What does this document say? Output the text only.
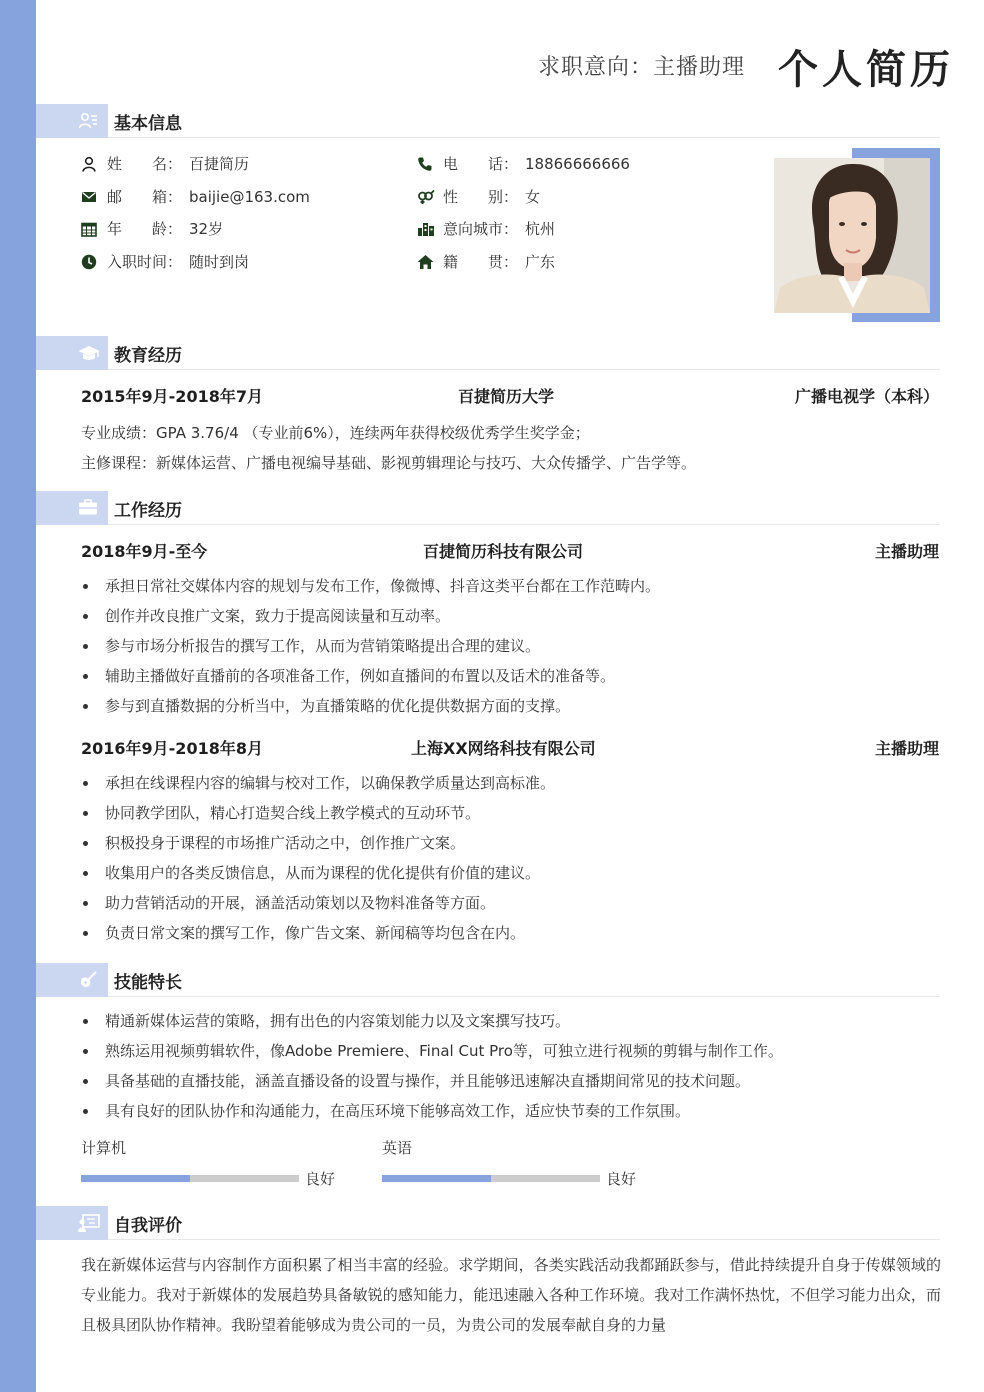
求职意向：主播助理 个人简历
基本信息
姓　　名： 百捷简历	电　　话： 18866666666
邮　　箱： baijie@163.com	性　　别： 女
年　　龄： 32岁	意向城市： 杭州
入职时间： 随时到岗	籍　　贯： 广东
教育经历
2015年9月-2018年7月	百捷简历大学	广播电视学（本科）
专业成绩：GPA 3.76/4 （专业前6%），连续两年获得校级优秀学生奖学金；
主修课程：新媒体运营、广播电视编导基础、影视剪辑理论与技巧、大众传播学、广告学等。
工作经历
2018年9月-至今	百捷简历科技有限公司	主播助理
承担日常社交媒体内容的规划与发布工作，像微博、抖音这类平台都在工作范畴内。
创作并改良推广文案，致力于提高阅读量和互动率。
参与市场分析报告的撰写工作，从而为营销策略提出合理的建议。
辅助主播做好直播前的各项准备工作，例如直播间的布置以及话术的准备等。
参与到直播数据的分析当中，为直播策略的优化提供数据方面的支撑。
2016年9月-2018年8月	上海XX网络科技有限公司	主播助理
承担在线课程内容的编辑与校对工作，以确保教学质量达到高标准。
协同教学团队，精心打造契合线上教学模式的互动环节。
积极投身于课程的市场推广活动之中，创作推广文案。
收集用户的各类反馈信息，从而为课程的优化提供有价值的建议。
助力营销活动的开展，涵盖活动策划以及物料准备等方面。
负责日常文案的撰写工作，像广告文案、新闻稿等均包含在内。
技能特长
精通新媒体运营的策略，拥有出色的内容策划能力以及文案撰写技巧。
熟练运用视频剪辑软件，像Adobe Premiere、Final Cut Pro等，可独立进行视频的剪辑与制作工作。
具备基础的直播技能，涵盖直播设备的设置与操作，并且能够迅速解决直播期间常见的技术问题。
具有良好的团队协作和沟通能力，在高压环境下能够高效工作，适应快节奏的工作氛围。
计算机
良好
英语
良好
自我评价
我在新媒体运营与内容制作方面积累了相当丰富的经验。求学期间，各类实践活动我都踊跃参与，借此持续提升自身于传媒领域的专业能力。我对于新媒体的发展趋势具备敏锐的感知能力，能迅速融入各种工作环境。我对工作满怀热忱，不但学习能力出众，而且极具团队协作精神。我盼望着能够成为贵公司的一员，为贵公司的发展奉献自身的力量
